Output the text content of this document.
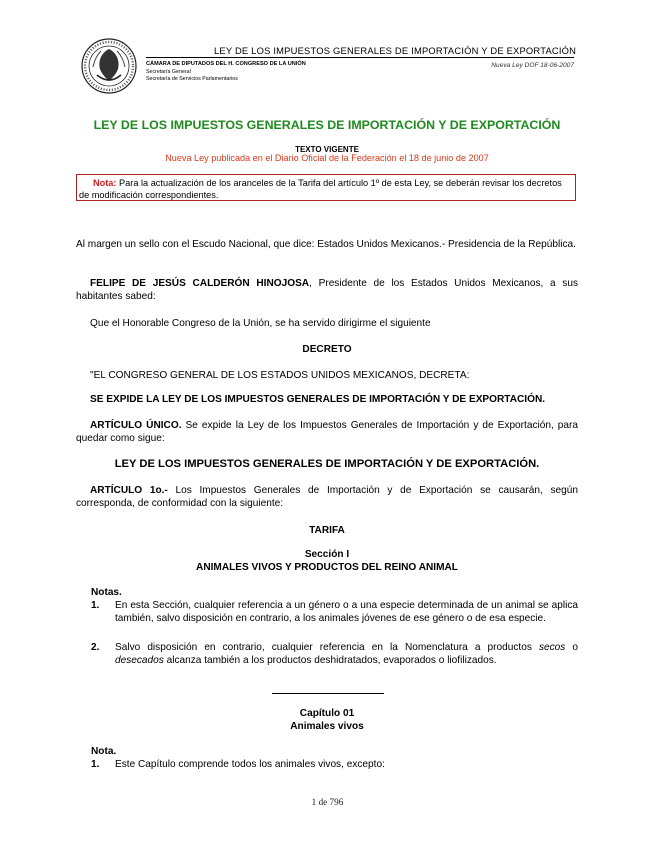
LEY DE LOS IMPUESTOS GENERALES DE IMPORTACIÓN Y DE EXPORTACIÓN
CÁMARA DE DIPUTADOS DEL H. CONGRESO DE LA UNIÓN
Secretaría General
Secretaría de Servicios Parlamentarios
Nueva Ley DOF 18-06-2007
LEY DE LOS IMPUESTOS GENERALES DE IMPORTACIÓN Y DE EXPORTACIÓN
TEXTO VIGENTE
Nueva Ley publicada en el Diario Oficial de la Federación el 18 de junio de 2007
Nota: Para la actualización de los aranceles de la Tarifa del artículo 1º de esta Ley, se deberán revisar los decretos de modificación correspondientes.
Al margen un sello con el Escudo Nacional, que dice: Estados Unidos Mexicanos.- Presidencia de la República.
FELIPE DE JESÚS CALDERÓN HINOJOSA, Presidente de los Estados Unidos Mexicanos, a sus habitantes sabed:
Que el Honorable Congreso de la Unión, se ha servido dirigirme el siguiente
DECRETO
"EL CONGRESO GENERAL DE LOS ESTADOS UNIDOS MEXICANOS, DECRETA:
SE EXPIDE LA LEY DE LOS IMPUESTOS GENERALES DE IMPORTACIÓN Y DE EXPORTACIÓN.
ARTÍCULO ÚNICO. Se expide la Ley de los Impuestos Generales de Importación y de Exportación, para quedar como sigue:
LEY DE LOS IMPUESTOS GENERALES DE IMPORTACIÓN Y DE EXPORTACIÓN.
ARTÍCULO 1o.- Los Impuestos Generales de Importación y de Exportación se causarán, según corresponda, de conformidad con la siguiente:
TARIFA
Sección I
ANIMALES VIVOS Y PRODUCTOS DEL REINO ANIMAL
Notas.
1. En esta Sección, cualquier referencia a un género o a una especie determinada de un animal se aplica también, salvo disposición en contrario, a los animales jóvenes de ese género o de esa especie.
2. Salvo disposición en contrario, cualquier referencia en la Nomenclatura a productos secos o desecados alcanza también a los productos deshidratados, evaporados o liofilizados.
Capítulo 01
Animales vivos
Nota.
1. Este Capítulo comprende todos los animales vivos, excepto:
1 de 796
